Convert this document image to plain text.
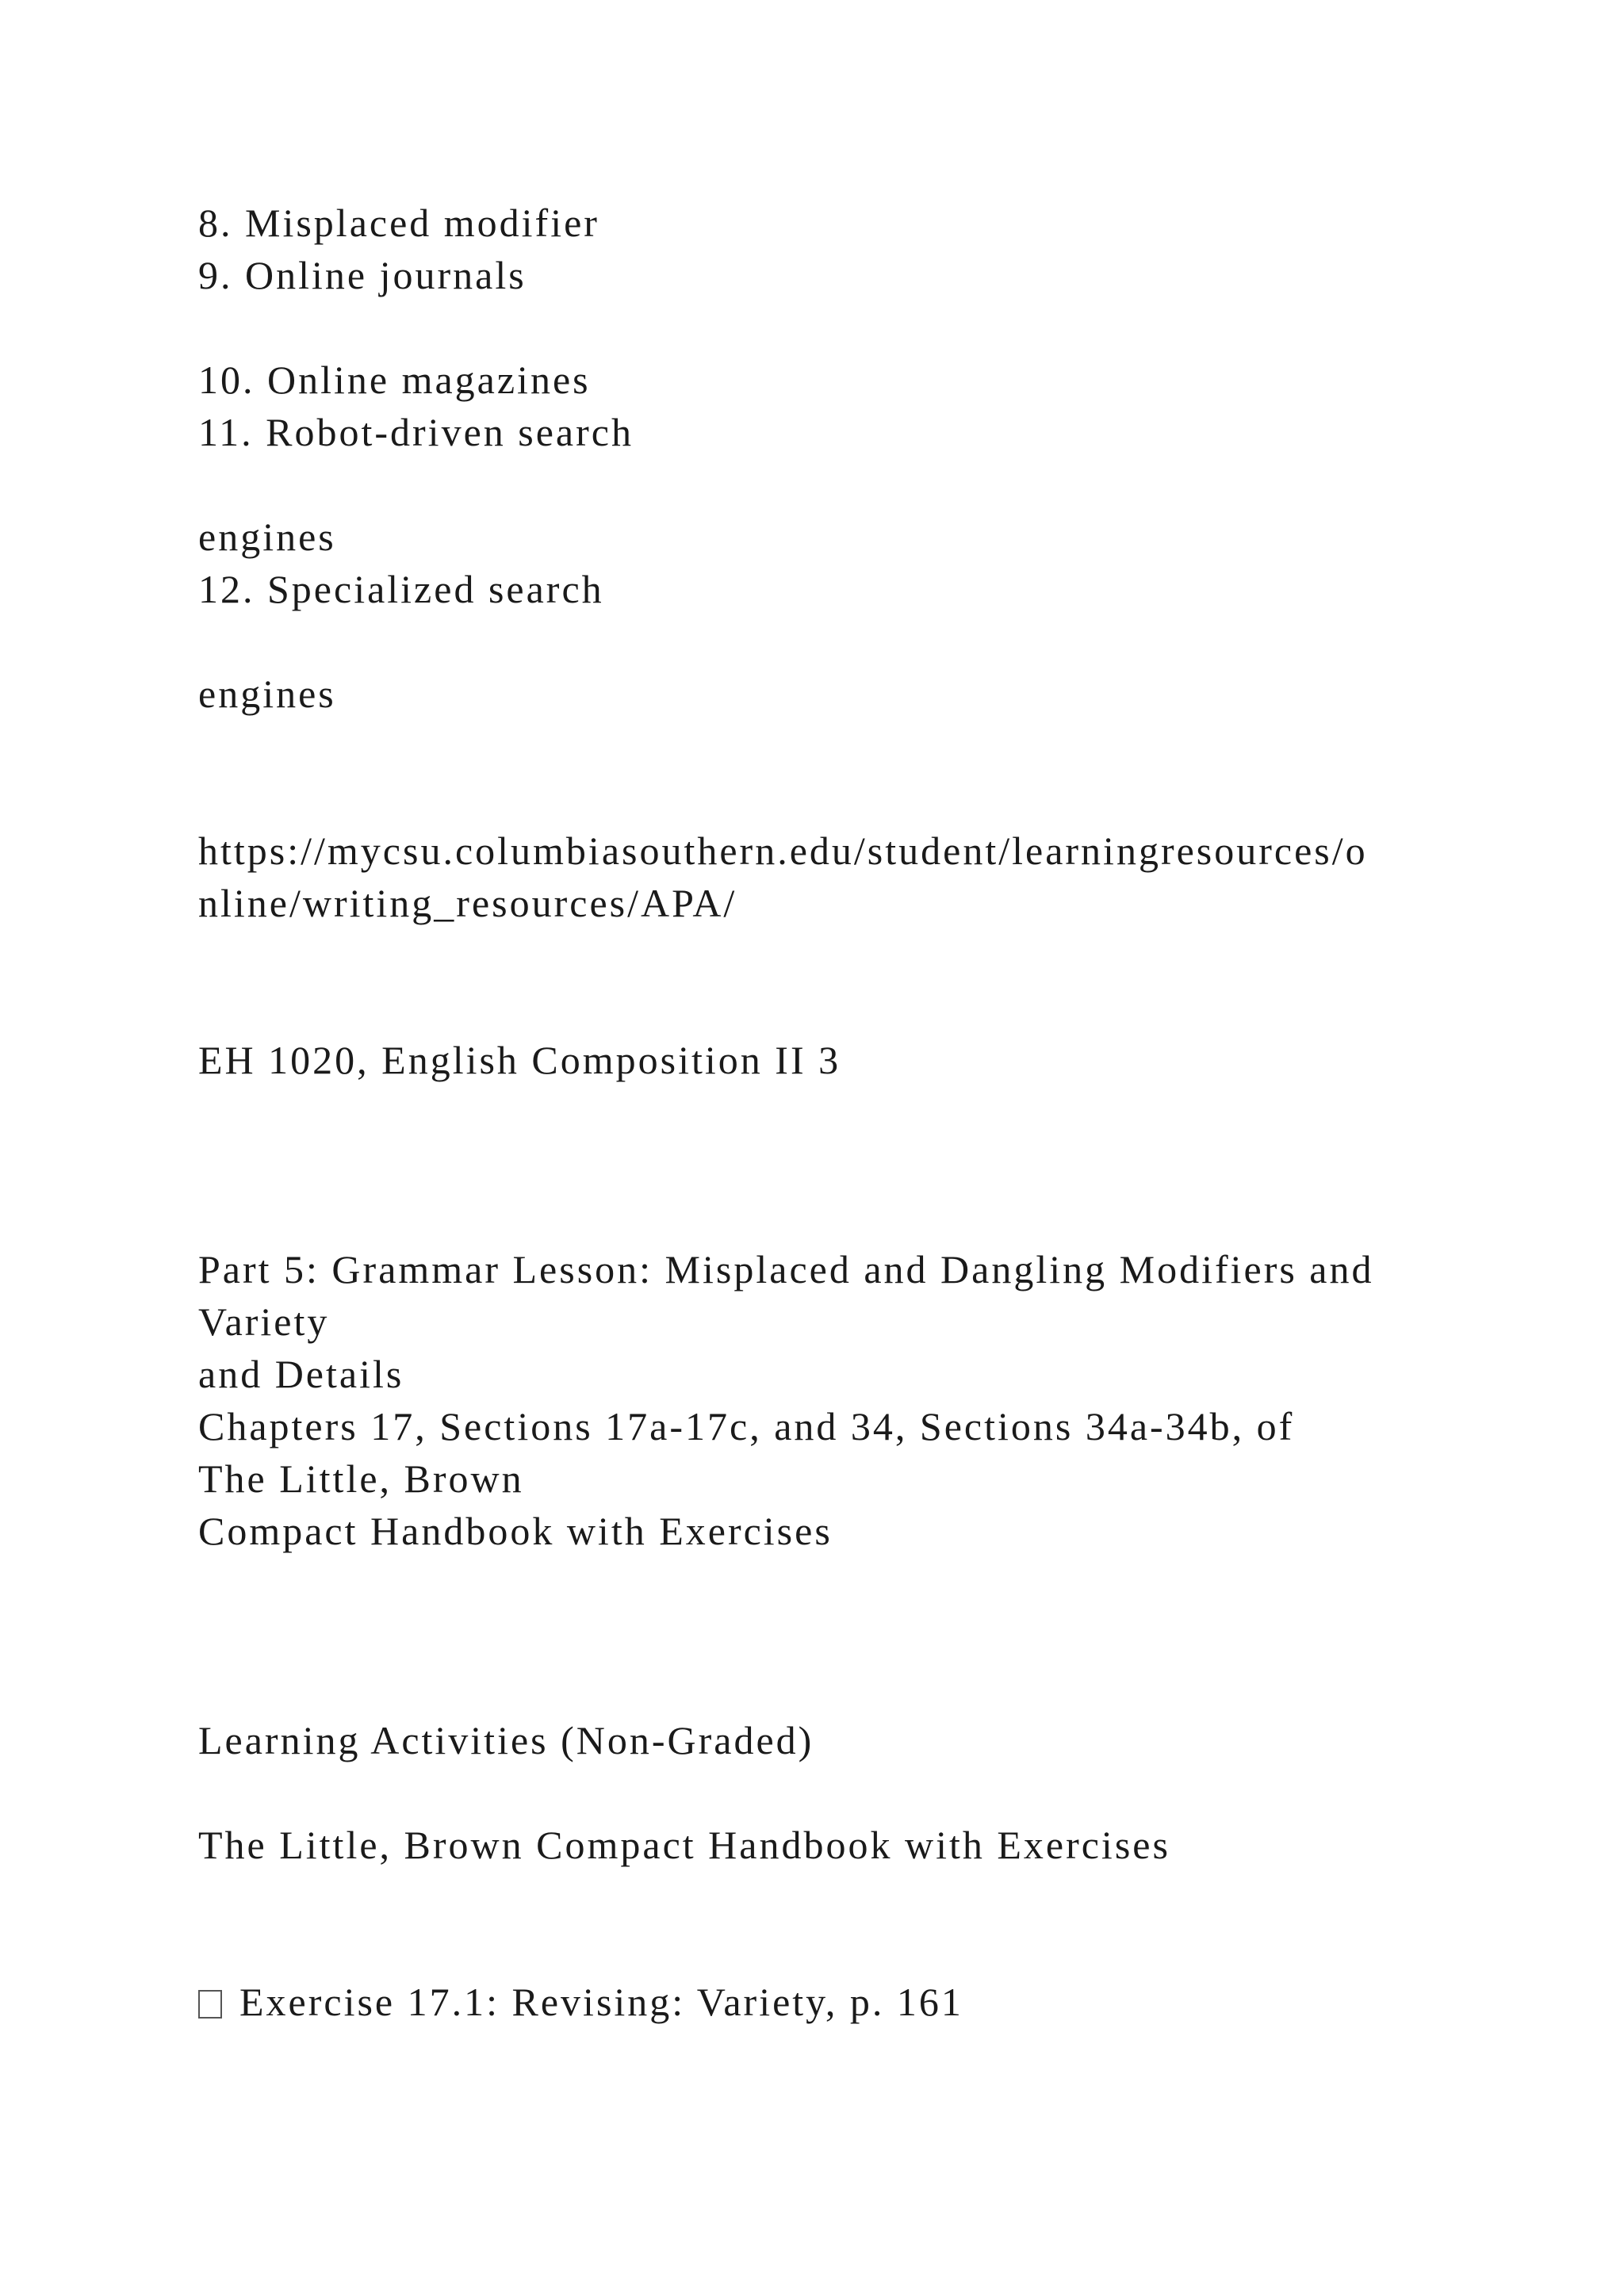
8. Misplaced modifier
9. Online journals
10. Online magazines
11. Robot-driven search
engines
12. Specialized search
engines
https://mycsu.columbiasouthern.edu/student/learningresources/o
nline/writing_resources/APA/
EH 1020, English Composition II 3
Part 5: Grammar Lesson: Misplaced and Dangling Modifiers and
Variety
and Details
Chapters 17, Sections 17a-17c, and 34, Sections 34a-34b, of
The Little, Brown
Compact Handbook with Exercises
Learning Activities (Non-Graded)
The Little, Brown Compact Handbook with Exercises
Exercise 17.1: Revising: Variety, p. 161
